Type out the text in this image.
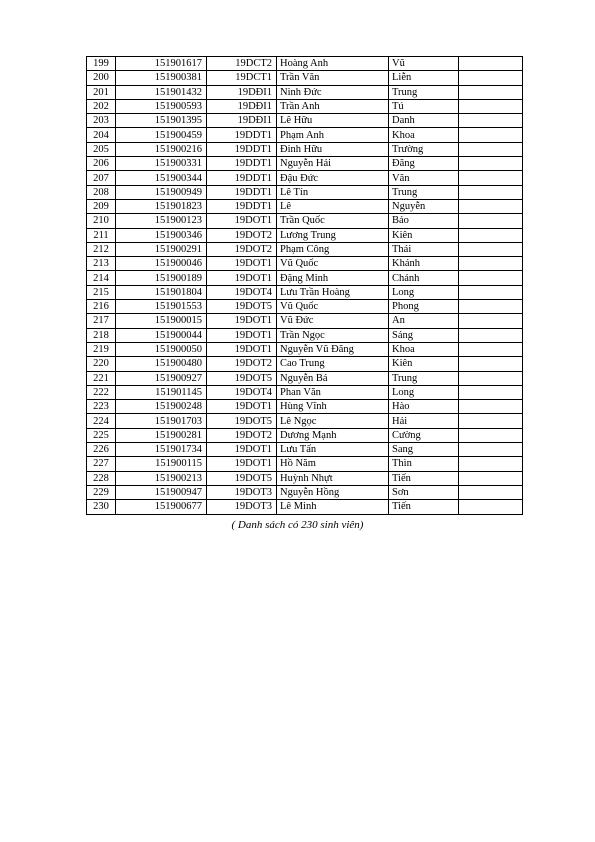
199	151901617	19DCT2	Hoàng Anh	Vũ	
200	151900381	19DCT1	Trần Văn	Liễn	
201	151901432	19DĐI1	Ninh Đức	Trung	
202	151900593	19DĐI1	Trần Anh	Tú	
203	151901395	19DĐI1	Lê Hữu	Danh	
204	151900459	19DDT1	Phạm Anh	Khoa	
205	151900216	19DDT1	Đinh Hữu	Trường	
206	151900331	19DDT1	Nguyễn Hải	Đăng	
207	151900344	19DDT1	Đậu Đức	Văn	
208	151900949	19DDT1	Lê Tín	Trung	
209	151901823	19DDT1	Lê	Nguyễn	
210	151900123	19DOT1	Trần Quốc	Bảo	
211	151900346	19DOT2	Lương Trung	Kiên	
212	151900291	19DOT2	Phạm Công	Thái	
213	151900046	19DOT1	Vũ Quốc	Khánh	
214	151900189	19DOT1	Đặng Minh	Chánh	
215	151901804	19DOT4	Lưu Trần Hoàng	Long	
216	151901553	19DOT5	Vũ Quốc	Phong	
217	151900015	19DOT1	Vũ Đức	An	
218	151900044	19DOT1	Trần Ngọc	Sáng	
219	151900050	19DOT1	Nguyễn Vũ Đăng	Khoa	
220	151900480	19DOT2	Cao Trung	Kiên	
221	151900927	19DOT5	Nguyễn Bá	Trung	
222	151901145	19DOT4	Phan Văn	Long	
223	151900248	19DOT1	Hùng Vĩnh	Hào	
224	151901703	19DOT5	Lê Ngọc	Hải	
225	151900281	19DOT2	Dương Mạnh	Cường	
226	151901734	19DOT1	Lưu Tấn	Sang	
227	151900115	19DOT1	Hồ Năm	Thìn	
228	151900213	19DOT5	Huỳnh Nhựt	Tiến	
229	151900947	19DOT3	Nguyễn Hồng	Sơn	
230	151900677	19DOT3	Lê Minh	Tiến	
( Danh sách có 230 sinh viên)
